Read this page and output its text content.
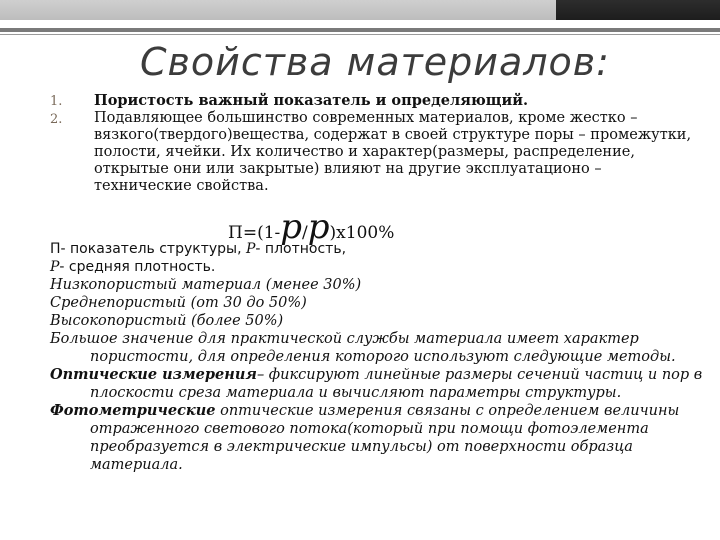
Свойства материалов:
1.	Пористость важный показатель и определяющий.
2.	Подавляющее большинство современных материалов, кроме жестко – вязкого(твердого)вещества, содержат в своей структуре поры – промежутки, полости, ячейки. Их количество и характер(размеры, распределение, открытые они или закрытые) влияют на другие эксплуатационо – технические свойства.
П=(1-p/p)x100%
П- показатель структуры, P- плотность,
P- средняя плотность.
Низкопористый материал (менее 30%)
Среднепористый (от 30 до 50%)
Высокопористый (более 50%)
Большое значение для практической службы материала имеет характер пористости, для определения которого используют следующие методы.
Оптические измерения– фиксируют линейные размеры сечений частиц и пор в плоскости среза материала и вычисляют параметры структуры.
Фотометрические оптические измерения связаны с определением величины отраженного светового потока(который при помощи фотоэлемента преобразуется в электрические импульсы) от поверхности образца материала.
